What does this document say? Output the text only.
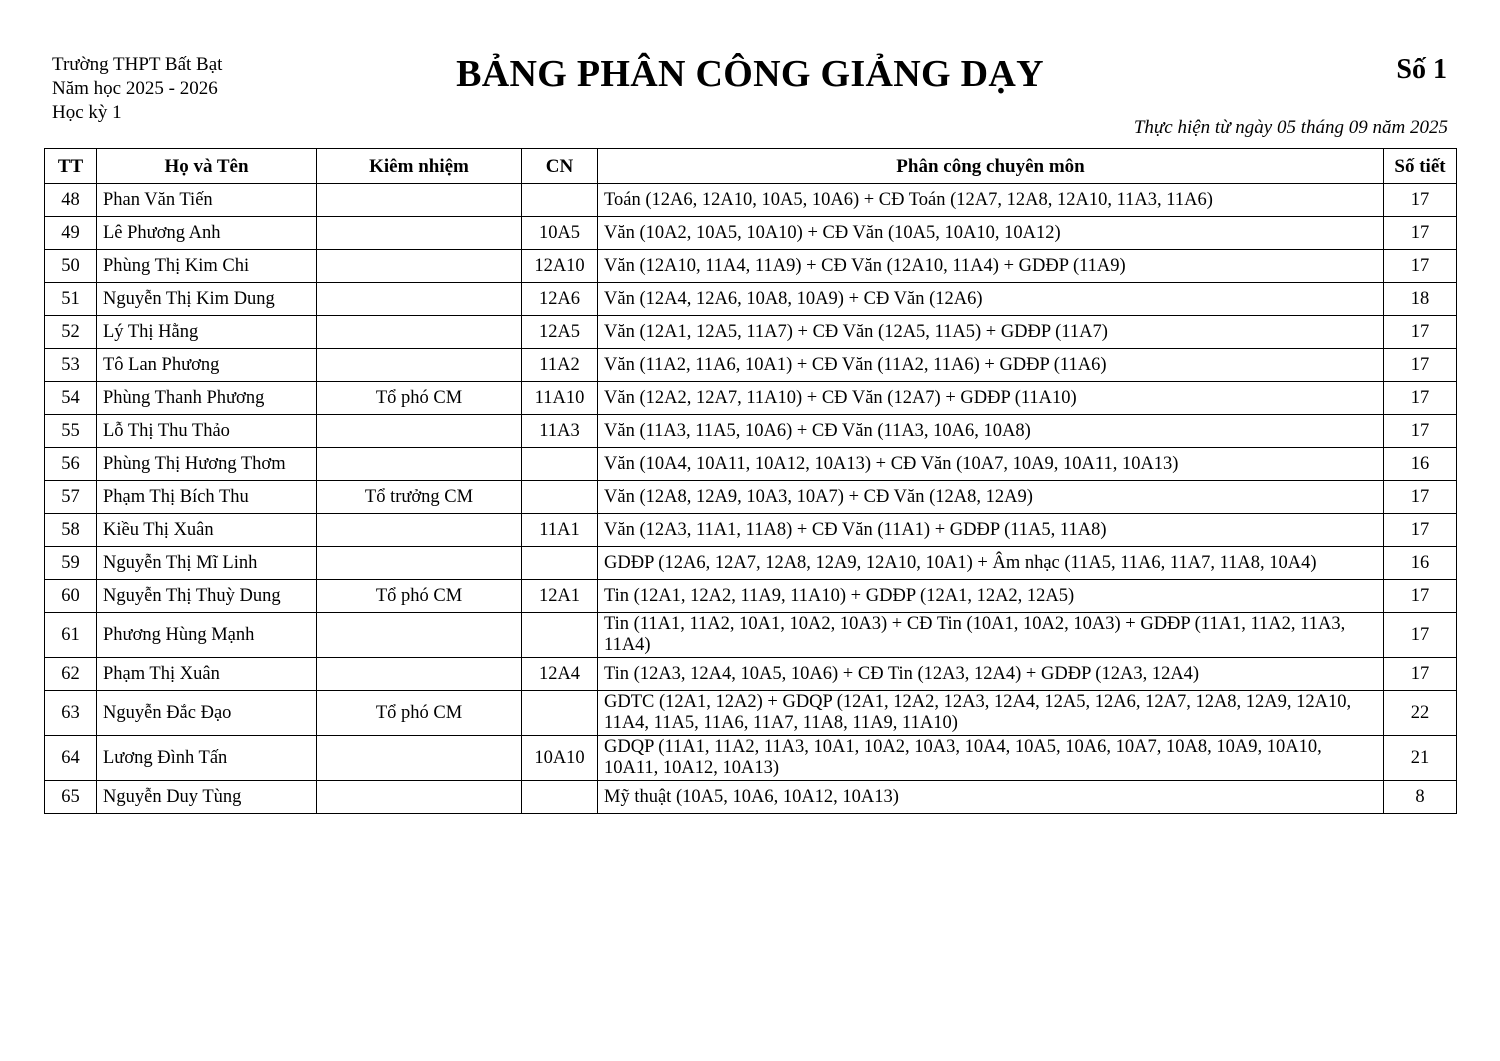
Trường THPT Bất Bạt
Năm học 2025 - 2026
Học kỳ 1
BẢNG PHÂN CÔNG GIẢNG DẠY	Số 1
Thực hiện từ ngày 05 tháng 09 năm 2025
TT	Họ và Tên	Kiêm nhiệm	CN	Phân công chuyên môn	Số tiết
48	Phan Văn Tiến			Toán (12A6, 12A10, 10A5, 10A6) + CĐ Toán (12A7, 12A8, 12A10, 11A3, 11A6)	17
49	Lê Phương Anh		10A5	Văn (10A2, 10A5, 10A10) + CĐ Văn (10A5, 10A10, 10A12)	17
50	Phùng Thị Kim Chi		12A10	Văn (12A10, 11A4, 11A9) + CĐ Văn (12A10, 11A4) + GDĐP (11A9)	17
51	Nguyễn Thị Kim Dung		12A6	Văn (12A4, 12A6, 10A8, 10A9) + CĐ Văn (12A6)	18
52	Lý Thị Hằng		12A5	Văn (12A1, 12A5, 11A7) + CĐ Văn (12A5, 11A5) + GDĐP (11A7)	17
53	Tô Lan Phương		11A2	Văn (11A2, 11A6, 10A1) + CĐ Văn (11A2, 11A6) + GDĐP (11A6)	17
54	Phùng Thanh Phương	Tổ phó CM	11A10	Văn (12A2, 12A7, 11A10) + CĐ Văn (12A7) + GDĐP (11A10)	17
55	Lỗ Thị Thu Thảo		11A3	Văn (11A3, 11A5, 10A6) + CĐ Văn (11A3, 10A6, 10A8)	17
56	Phùng Thị Hương Thơm			Văn (10A4, 10A11, 10A12, 10A13) + CĐ Văn (10A7, 10A9, 10A11, 10A13)	16
57	Phạm Thị Bích Thu	Tổ trưởng CM		Văn (12A8, 12A9, 10A3, 10A7) + CĐ Văn (12A8, 12A9)	17
58	Kiều Thị Xuân		11A1	Văn (12A3, 11A1, 11A8) + CĐ Văn (11A1) + GDĐP (11A5, 11A8)	17
59	Nguyễn Thị Mĩ Linh			GDĐP (12A6, 12A7, 12A8, 12A9, 12A10, 10A1) + Âm nhạc (11A5, 11A6, 11A7, 11A8, 10A4)	16
60	Nguyễn Thị Thuỳ Dung	Tổ phó CM	12A1	Tin (12A1, 12A2, 11A9, 11A10) + GDĐP (12A1, 12A2, 12A5)	17
61	Phương Hùng Mạnh			Tin (11A1, 11A2, 10A1, 10A2, 10A3) + CĐ Tin (10A1, 10A2, 10A3) + GDĐP (11A1, 11A2, 11A3, 11A4)	17
62	Phạm Thị Xuân		12A4	Tin (12A3, 12A4, 10A5, 10A6) + CĐ Tin (12A3, 12A4) + GDĐP (12A3, 12A4)	17
63	Nguyễn Đắc Đạo	Tổ phó CM		GDTC (12A1, 12A2) + GDQP (12A1, 12A2, 12A3, 12A4, 12A5, 12A6, 12A7, 12A8, 12A9, 12A10, 11A4, 11A5, 11A6, 11A7, 11A8, 11A9, 11A10)	22
64	Lương Đình Tấn		10A10	GDQP (11A1, 11A2, 11A3, 10A1, 10A2, 10A3, 10A4, 10A5, 10A6, 10A7, 10A8, 10A9, 10A10, 10A11, 10A12, 10A13)	21
65	Nguyễn Duy Tùng			Mỹ thuật (10A5, 10A6, 10A12, 10A13)	8
